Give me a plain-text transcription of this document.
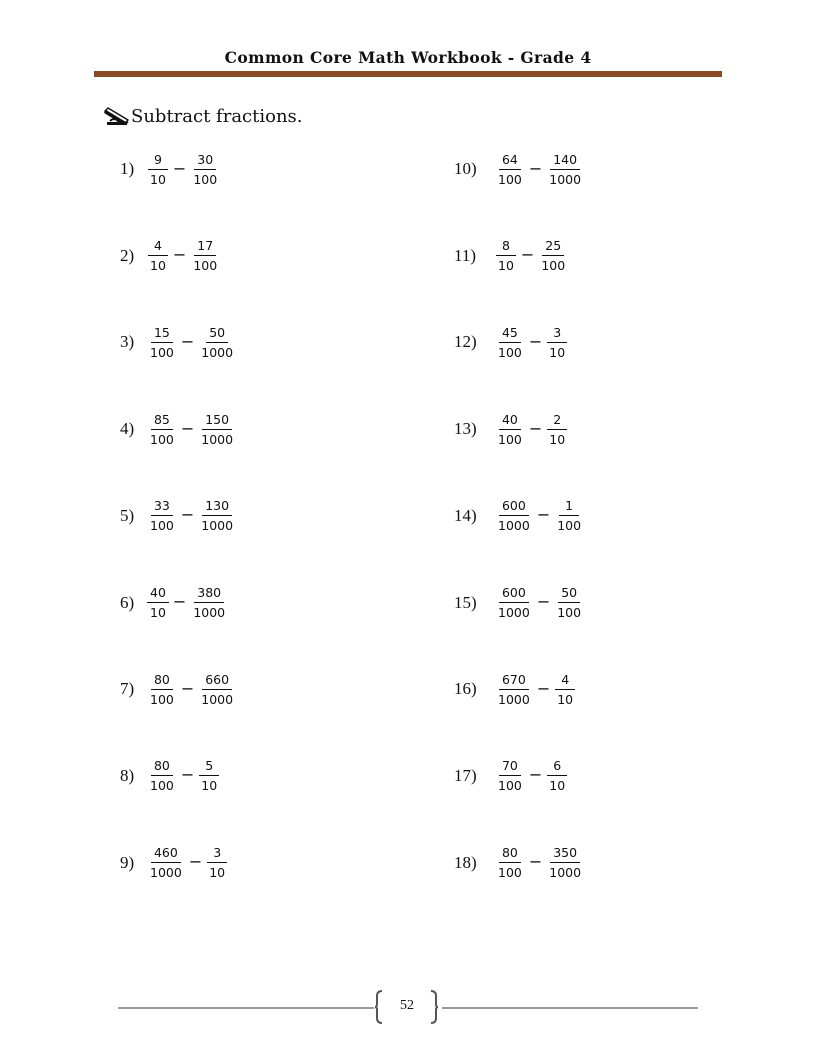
Common Core Math Workbook - Grade 4
Subtract fractions.
$1) \frac{9}{10} - \frac{30}{100}$
$2) \frac{4}{10} - \frac{17}{100}$
$3) \frac{15}{100} - \frac{50}{1000}$
$4) \frac{85}{100} - \frac{150}{1000}$
$5) \frac{33}{100} - \frac{130}{1000}$
$6) \frac{40}{10} - \frac{380}{1000}$
$7) \frac{80}{100} - \frac{660}{1000}$
$8) \frac{80}{100} - \frac{5}{10}$
$9) \frac{460}{1000} - \frac{3}{10}$
10)	$\frac{64}{100} - \frac{140}{1000}$
11)	$\frac{8}{10} - \frac{25}{100}$
12)	$\frac{45}{100} - \frac{3}{10}$
13)	$\frac{40}{100} - \frac{2}{10}$
14)	$\frac{600}{1000} - \frac{1}{100}$
15)	$\frac{600}{1000} - \frac{50}{100}$
16)	$\frac{670}{1000} - \frac{4}{10}$
17)	$\frac{70}{100} - \frac{6}{10}$
18)	$\frac{80}{100} - \frac{350}{1000}$
52
